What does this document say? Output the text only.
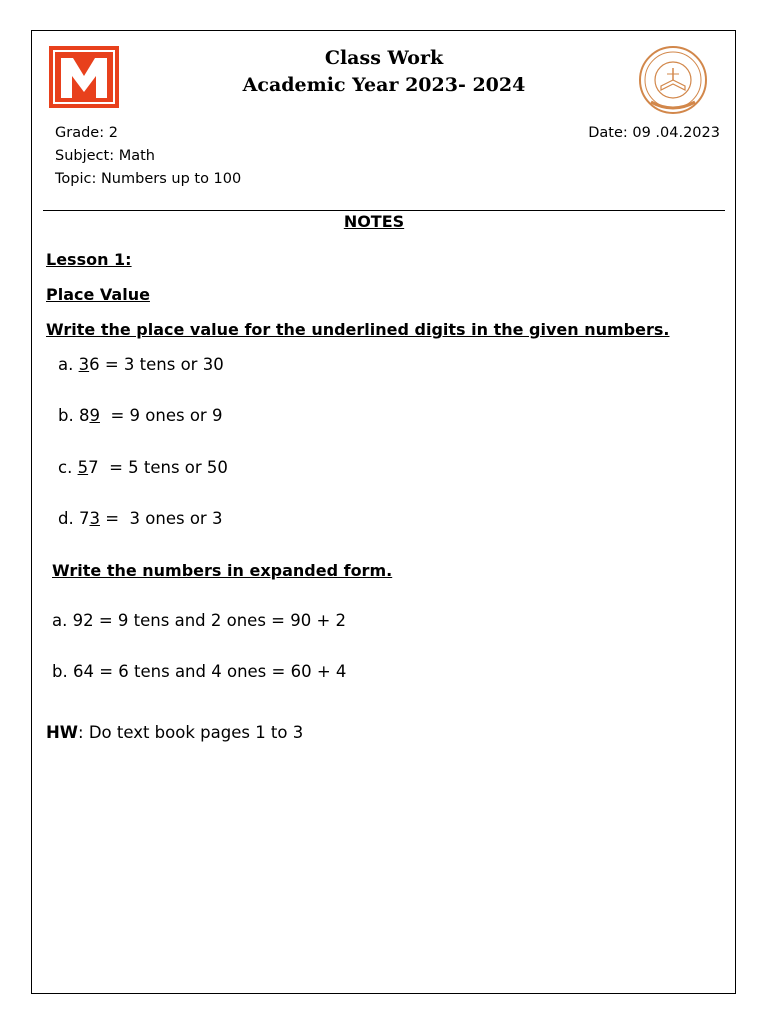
Class Work
Academic Year 2023- 2024
Grade: 2
Subject: Math
Topic: Numbers up to 100
Date: 09 .04.2023
NOTES
Lesson 1:
Place Value
Write the place value for the underlined digits in the given numbers.
a. 36 = 3 tens or 30
b. 89  = 9 ones or 9
c. 57  = 5 tens or 50
d. 73 =  3 ones or 3
Write the numbers in expanded form.
a. 92 = 9 tens and 2 ones = 90 + 2
b. 64 = 6 tens and 4 ones = 60 + 4
HW: Do text book pages 1 to 3
